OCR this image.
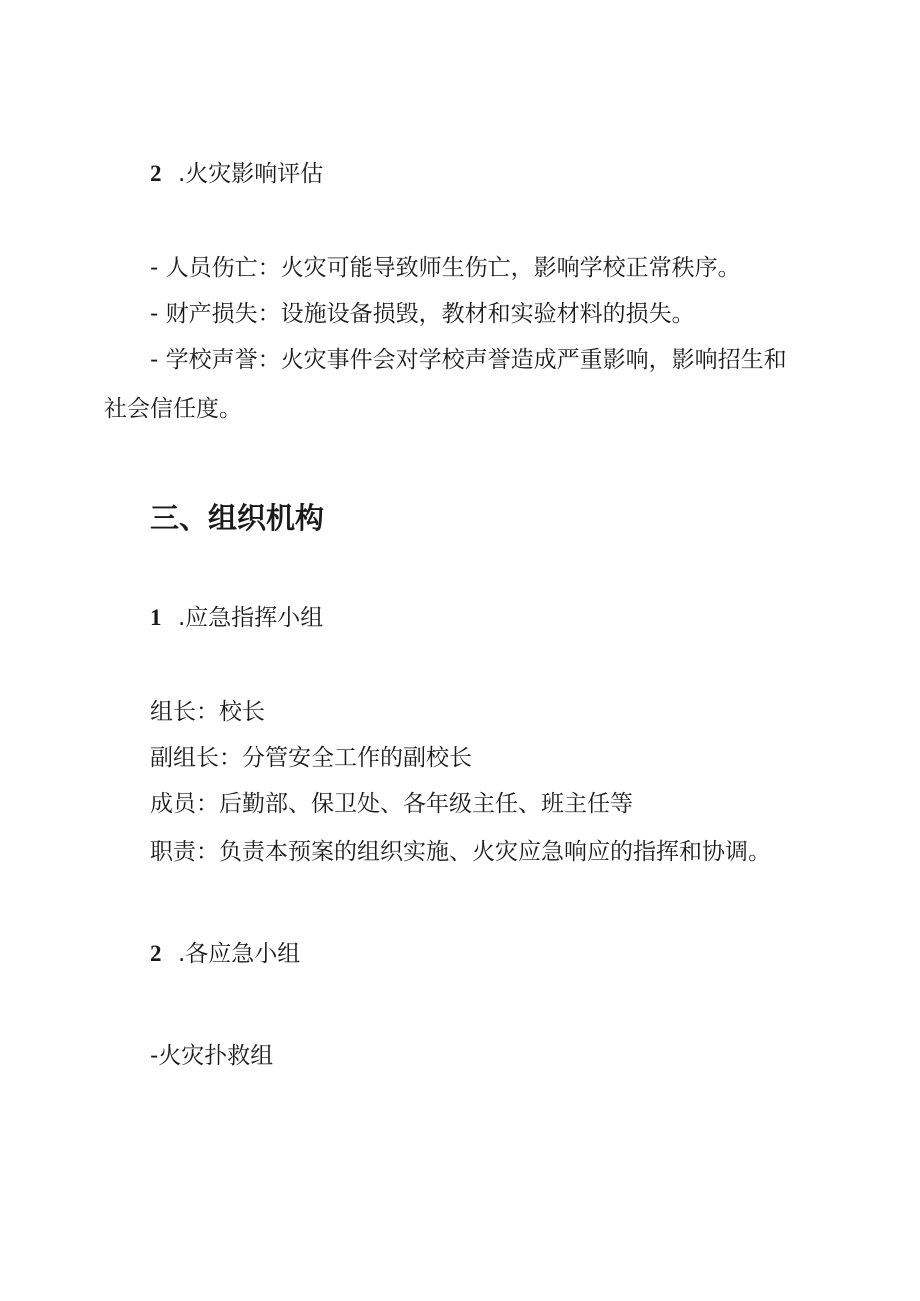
2 .火灾影响评估
- 人员伤亡：火灾可能导致师生伤亡，影响学校正常秩序。
- 财产损失：设施设备损毁，教材和实验材料的损失。
- 学校声誉：火灾事件会对学校声誉造成严重影响，影响招生和
社会信任度。
三、组织机构
1 .应急指挥小组
组长：校长
副组长：分管安全工作的副校长
成员：后勤部、保卫处、各年级主任、班主任等
职责：负责本预案的组织实施、火灾应急响应的指挥和协调。
2 .各应急小组
-火灾扑救组
